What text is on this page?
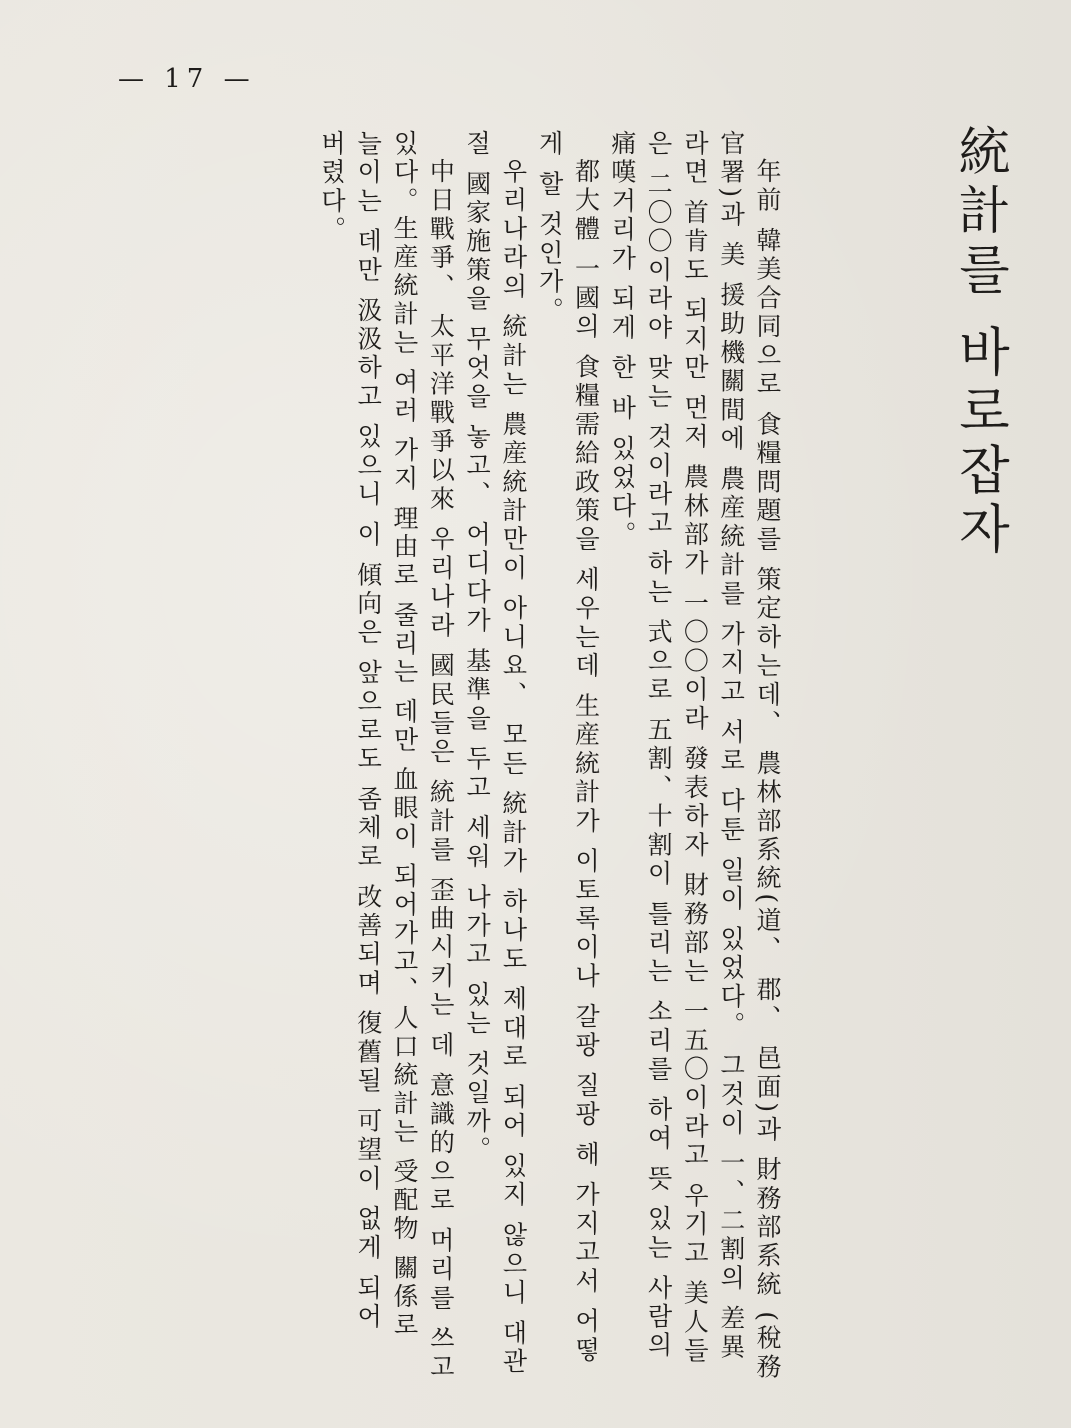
統計를 바로잡자

年前 韓美合同으로 食糧問題를 策定하는데、 農林部系統(道、 郡、 邑面)과 財務部系統 (稅務

官署)과 美 援助機關間에 農産統計를 가지고 서로 다툰 일이 있었다。 그것이 一、二割의 差異

라면 首肯도 되지만 먼저 農林部가 一〇〇이라 發表하자 財務部는 一五〇이라고 우기고 美人들

은 二〇〇이라야 맞는 것이라고 하는 式으로 五割、十割이 틀리는 소리를 하여 뜻 있는 사람의

痛嘆거리가 되게 한 바 있었다。

都大體 一國의 食糧需給政策을 세우는데 生産統計가 이토록이나 갈팡 질팡 해 가지고서 어떻

게 할 것인가。

우리나라의 統計는 農産統計만이 아니요、 모든 統計가 하나도 제대로 되어 있지 않으니 대관

절 國家施策을 무엇을 놓고、 어디다가 基準을 두고 세워 나가고 있는 것일까。

中日戰爭、 太平洋戰爭以來 우리나라 國民들은 統計를 歪曲시키는 데 意識的으로 머리를 쓰고

있다。生産統計는 여러 가지 理由로 줄리는 데만 血眼이 되어가고、人口統計는 受配物 關係로

늘이는 데만 汲汲하고 있으니 이 傾向은 앞으로도 좀체로 改善되며 復舊될 可望이 없게 되어

버렸다。

— 17 —
